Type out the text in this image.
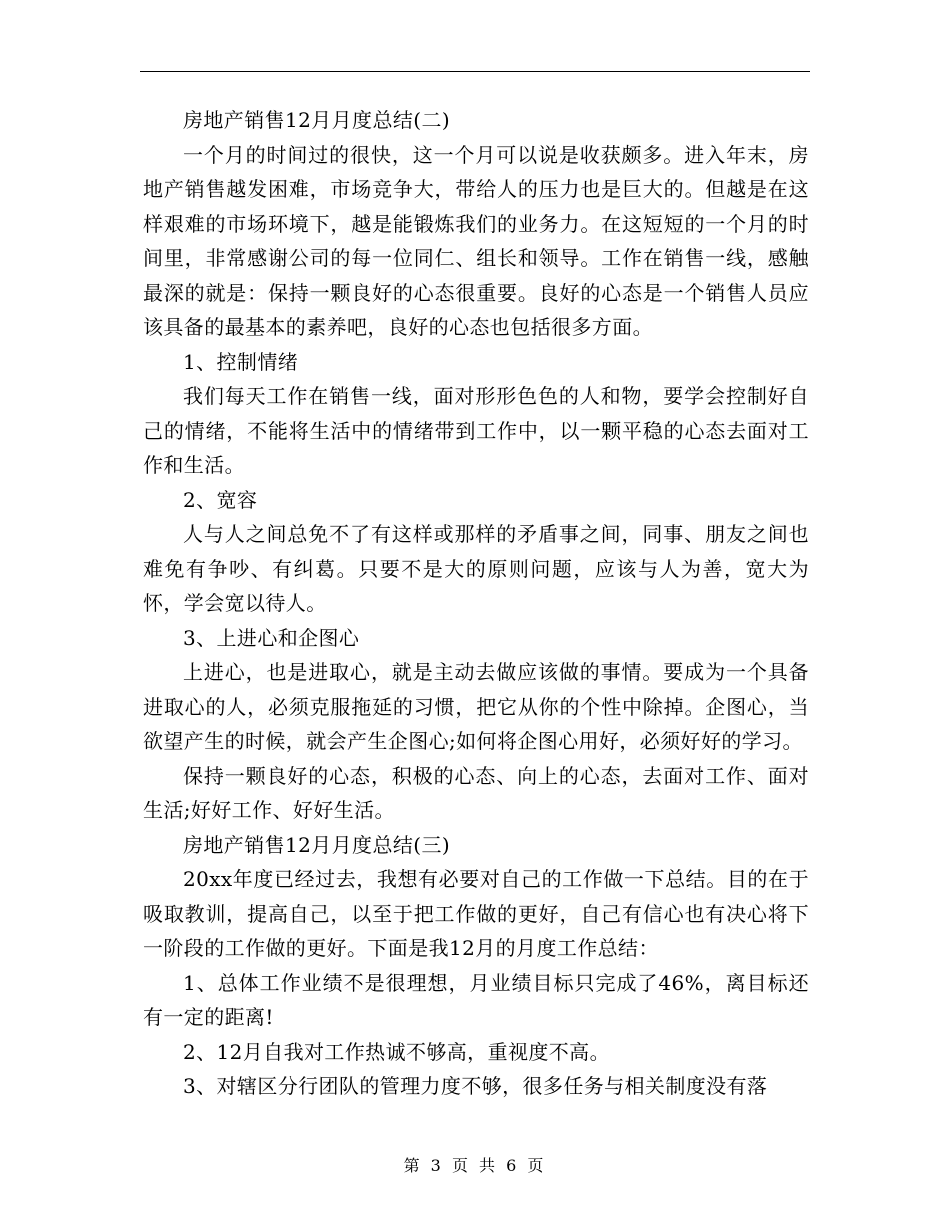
房地产销售12月月度总结(二)

一个月的时间过的很快，这一个月可以说是收获颇多。进入年末，房地产销售越发困难，市场竞争大，带给人的压力也是巨大的。但越是在这样艰难的市场环境下，越是能锻炼我们的业务力。在这短短的一个月的时间里，非常感谢公司的每一位同仁、组长和领导。工作在销售一线，感触最深的就是：保持一颗良好的心态很重要。良好的心态是一个销售人员应该具备的最基本的素养吧，良好的心态也包括很多方面。

1、控制情绪

我们每天工作在销售一线，面对形形色色的人和物，要学会控制好自己的情绪，不能将生活中的情绪带到工作中，以一颗平稳的心态去面对工作和生活。

2、宽容

人与人之间总免不了有这样或那样的矛盾事之间，同事、朋友之间也难免有争吵、有纠葛。只要不是大的原则问题，应该与人为善，宽大为怀，学会宽以待人。

3、上进心和企图心

上进心，也是进取心，就是主动去做应该做的事情。要成为一个具备进取心的人，必须克服拖延的习惯，把它从你的个性中除掉。企图心，当欲望产生的时候，就会产生企图心;如何将企图心用好，必须好好的学习。

保持一颗良好的心态，积极的心态、向上的心态，去面对工作、面对生活;好好工作、好好生活。

房地产销售12月月度总结(三)

20xx年度已经过去，我想有必要对自己的工作做一下总结。目的在于吸取教训，提高自己，以至于把工作做的更好，自己有信心也有决心将下一阶段的工作做的更好。下面是我12月的月度工作总结：

1、总体工作业绩不是很理想，月业绩目标只完成了46%，离目标还有一定的距离!

2、12月自我对工作热诚不够高，重视度不高。

3、对辖区分行团队的管理力度不够，很多任务与相关制度没有落

第 3 页 共 6 页
